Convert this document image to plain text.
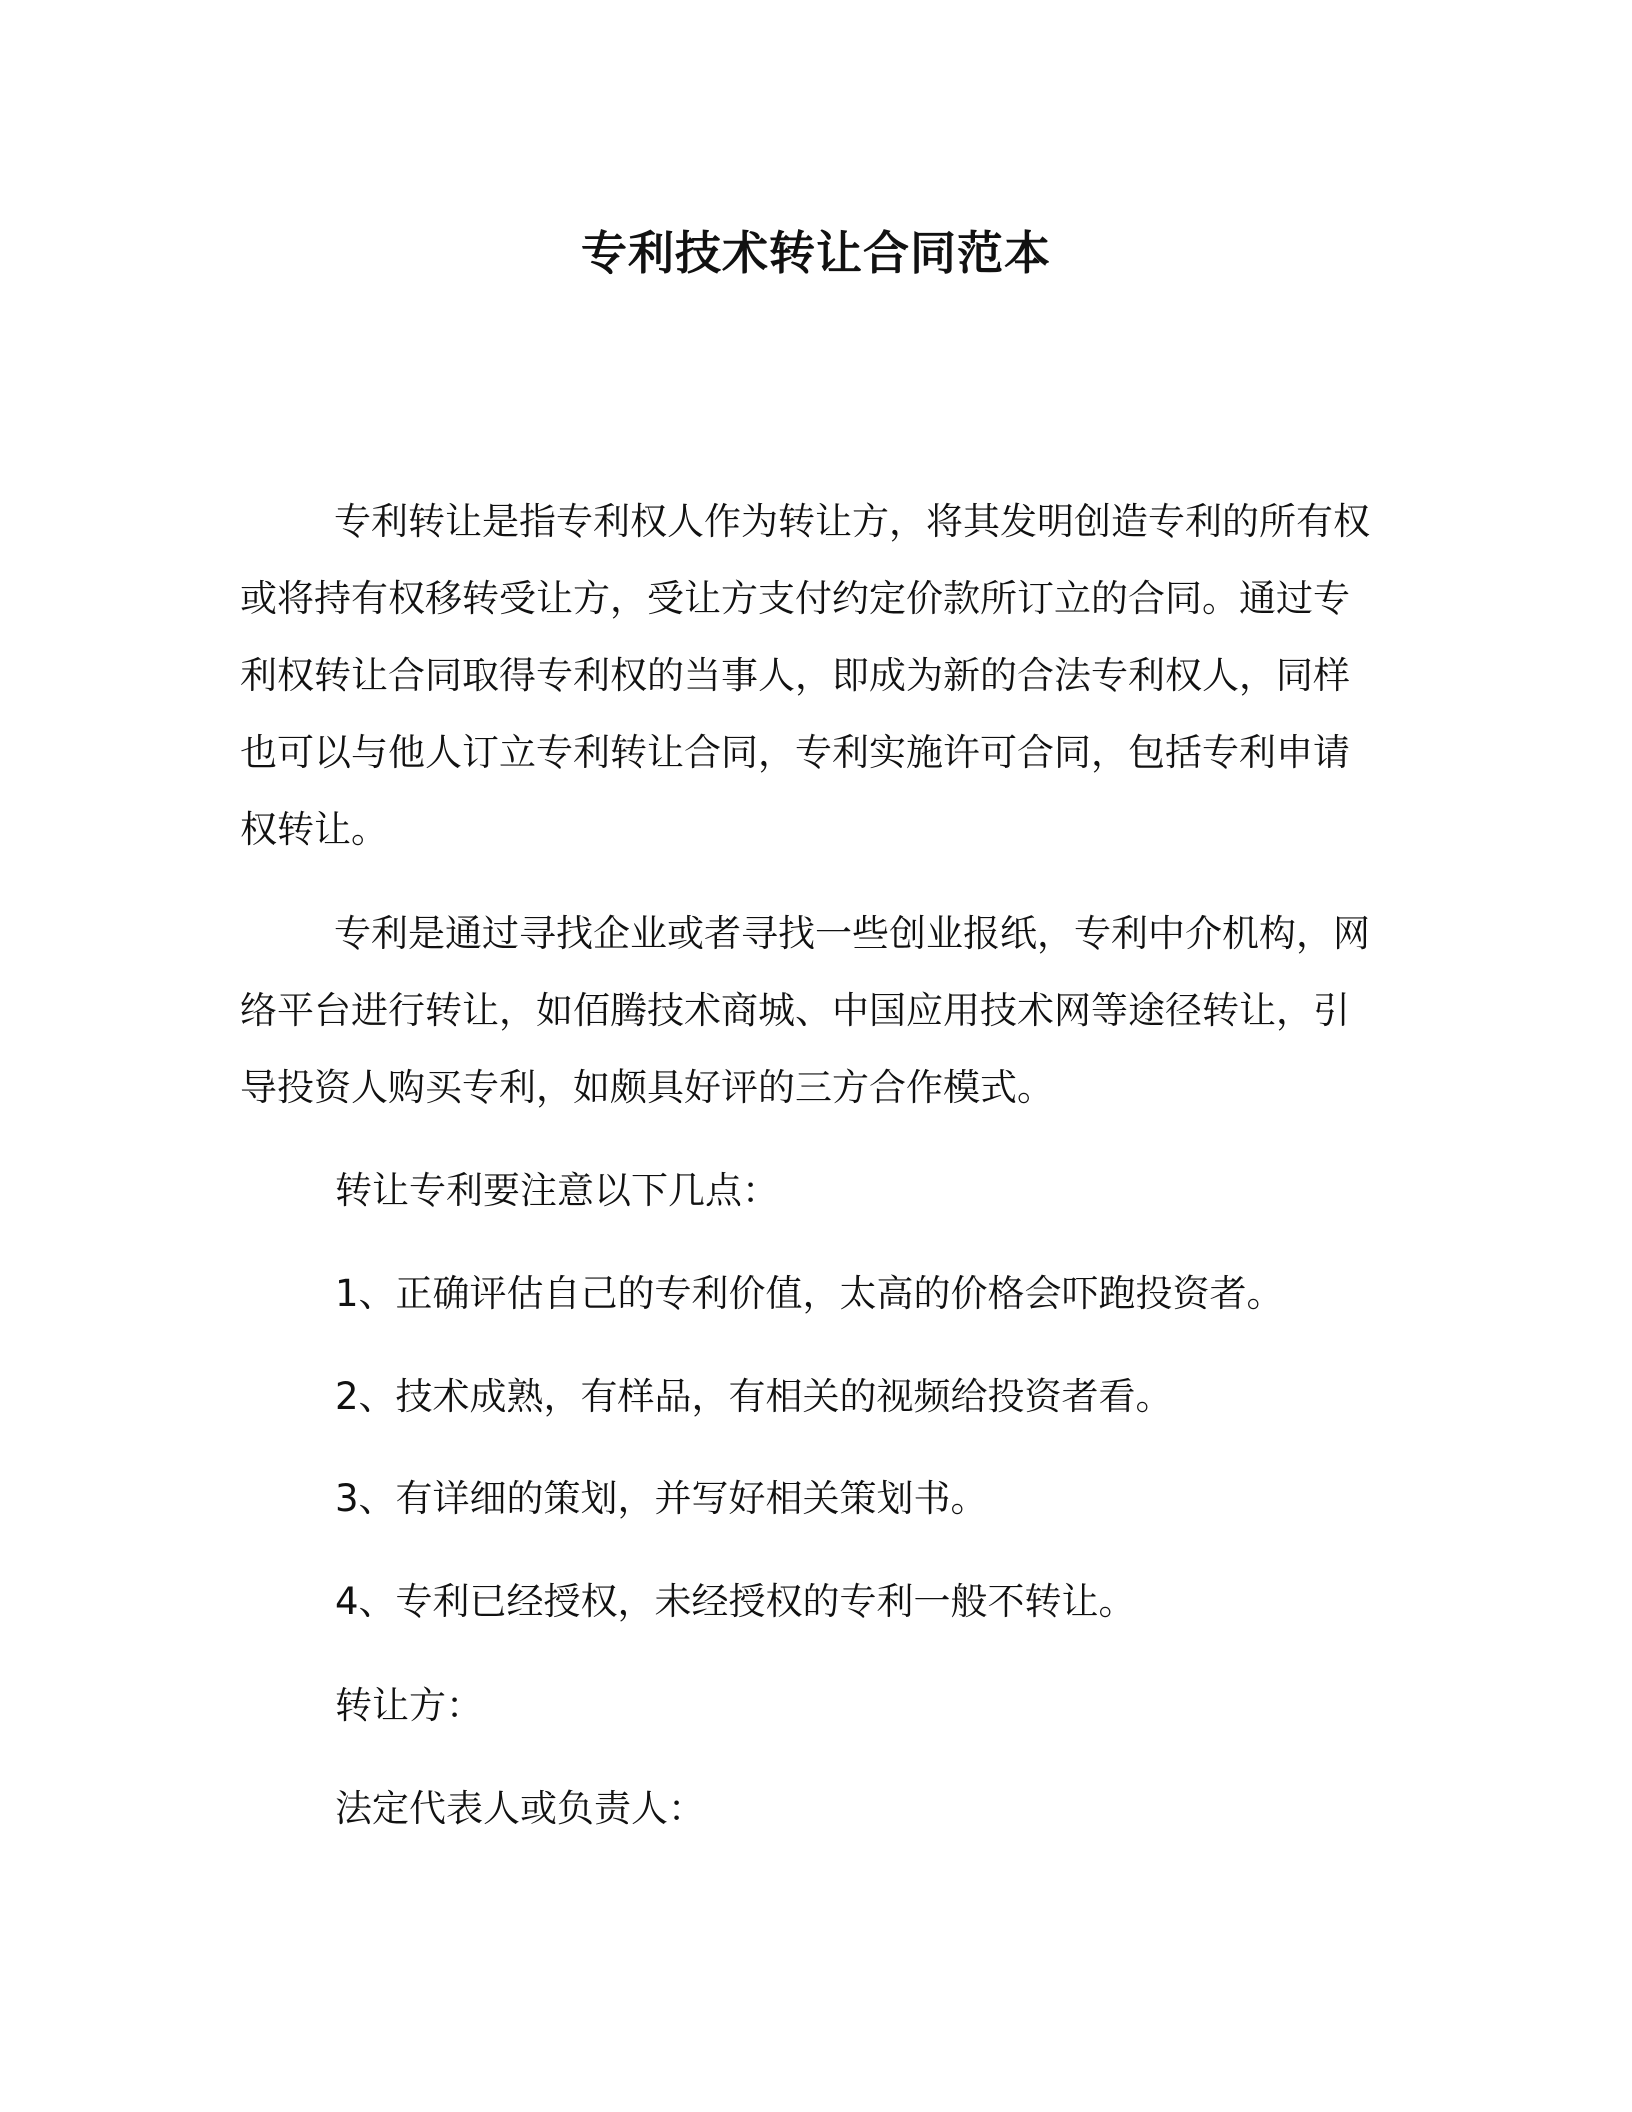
专利技术转让合同范本

专利转让是指专利权人作为转让方，将其发明创造专利的所有权或将持有权移转受让方，受让方支付约定价款所订立的合同。通过专利权转让合同取得专利权的当事人，即成为新的合法专利权人，同样也可以与他人订立专利转让合同，专利实施许可合同，包括专利申请权转让。

专利是通过寻找企业或者寻找一些创业报纸，专利中介机构，网络平台进行转让，如佰腾技术商城、中国应用技术网等途径转让，引导投资人购买专利，如颇具好评的三方合作模式。

转让专利要注意以下几点：

1、正确评估自己的专利价值，太高的价格会吓跑投资者。

2、技术成熟，有样品，有相关的视频给投资者看。

3、有详细的策划，并写好相关策划书。

4、专利已经授权，未经授权的专利一般不转让。

转让方：

法定代表人或负责人：
